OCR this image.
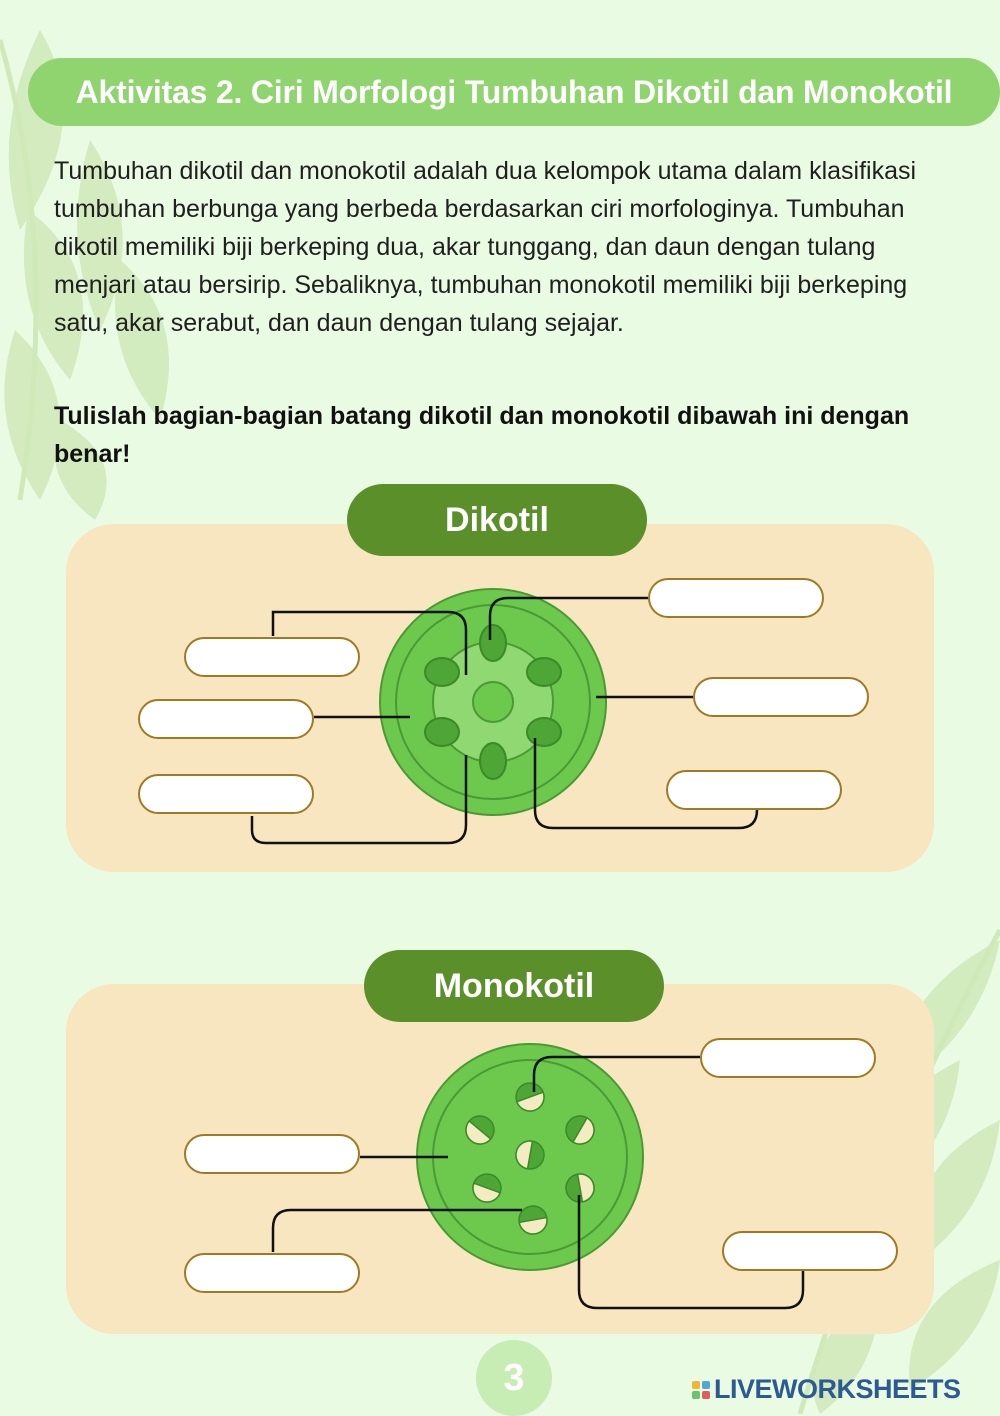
Aktivitas 2. Ciri Morfologi Tumbuhan Dikotil dan Monokotil

Tumbuhan dikotil dan monokotil adalah dua kelompok utama dalam klasifikasi tumbuhan berbunga yang berbeda berdasarkan ciri morfologinya. Tumbuhan dikotil memiliki biji berkeping dua, akar tunggang, dan daun dengan tulang menjari atau bersirip. Sebaliknya, tumbuhan monokotil memiliki biji berkeping satu, akar serabut, dan daun dengan tulang sejajar.

Tulislah bagian-bagian batang dikotil dan monokotil dibawah ini dengan benar!

Dikotil
Monokotil
3	LIVEWORKSHEETS
